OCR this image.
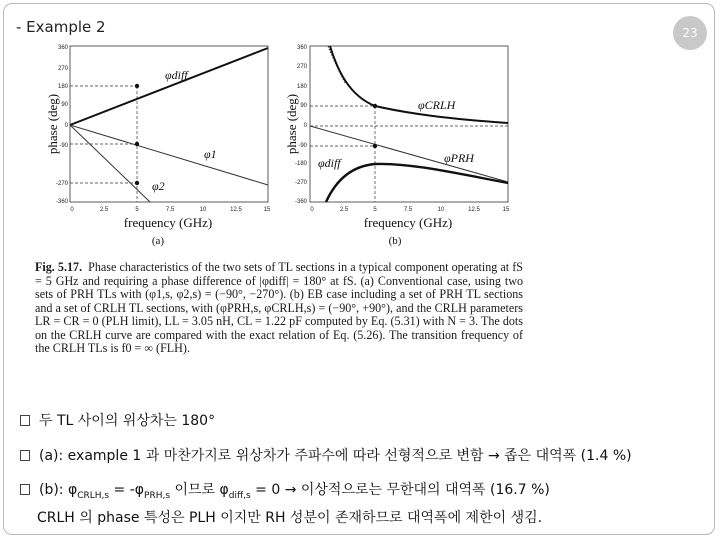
- Example 2	23
360
270
180
90
0
-90
-270
-360
0	2.5	5	7.5	10	12.5	15
φdiff
φ1
φ2
phase (deg)
frequency (GHz)
(a)
360
270
180
90
0
-90
-180
-270
-360
0	2.5	5	7.5	10	12.5	15
φCRLH
φPRH
φdiff
phase (deg)
frequency (GHz)
(b)
Fig. 5.17. Phase characteristics of the two sets of TL sections in a typical component operating at fS = 5 GHz and requiring a phase difference of |φdiff| = 180° at fS. (a) Conventional case, using two sets of PRH TLs with (φ1,s, φ2,s) = (−90°, −270°). (b) EB case including a set of PRH TL sections and a set of CRLH TL sections, with (φPRH,s, φCRLH,s) = (−90°, +90°), and the CRLH parameters LR = CR = 0 (PLH limit), LL = 3.05 nH, CL = 1.22 pF computed by Eq. (5.31) with N = 3. The dots on the CRLH curve are compared with the exact relation of Eq. (5.26). The transition frequency of the CRLH TLs is f0 = ∞ (FLH).
두 TL 사이의 위상차는 180°
(a): example 1 과 마찬가지로 위상차가 주파수에 따라 선형적으로 변함 → 좁은 대역폭 (1.4 %)
(b): $\varphi_{CRLH,s} = -\varphi_{PRH,s}$ 이므로 $\varphi_{diff,s} = 0$ → 이상적으로는 무한대의 대역폭 (16.7 %)
CRLH 의 phase 특성은 PLH 이지만 RH 성분이 존재하므로 대역폭에 제한이 생김.
